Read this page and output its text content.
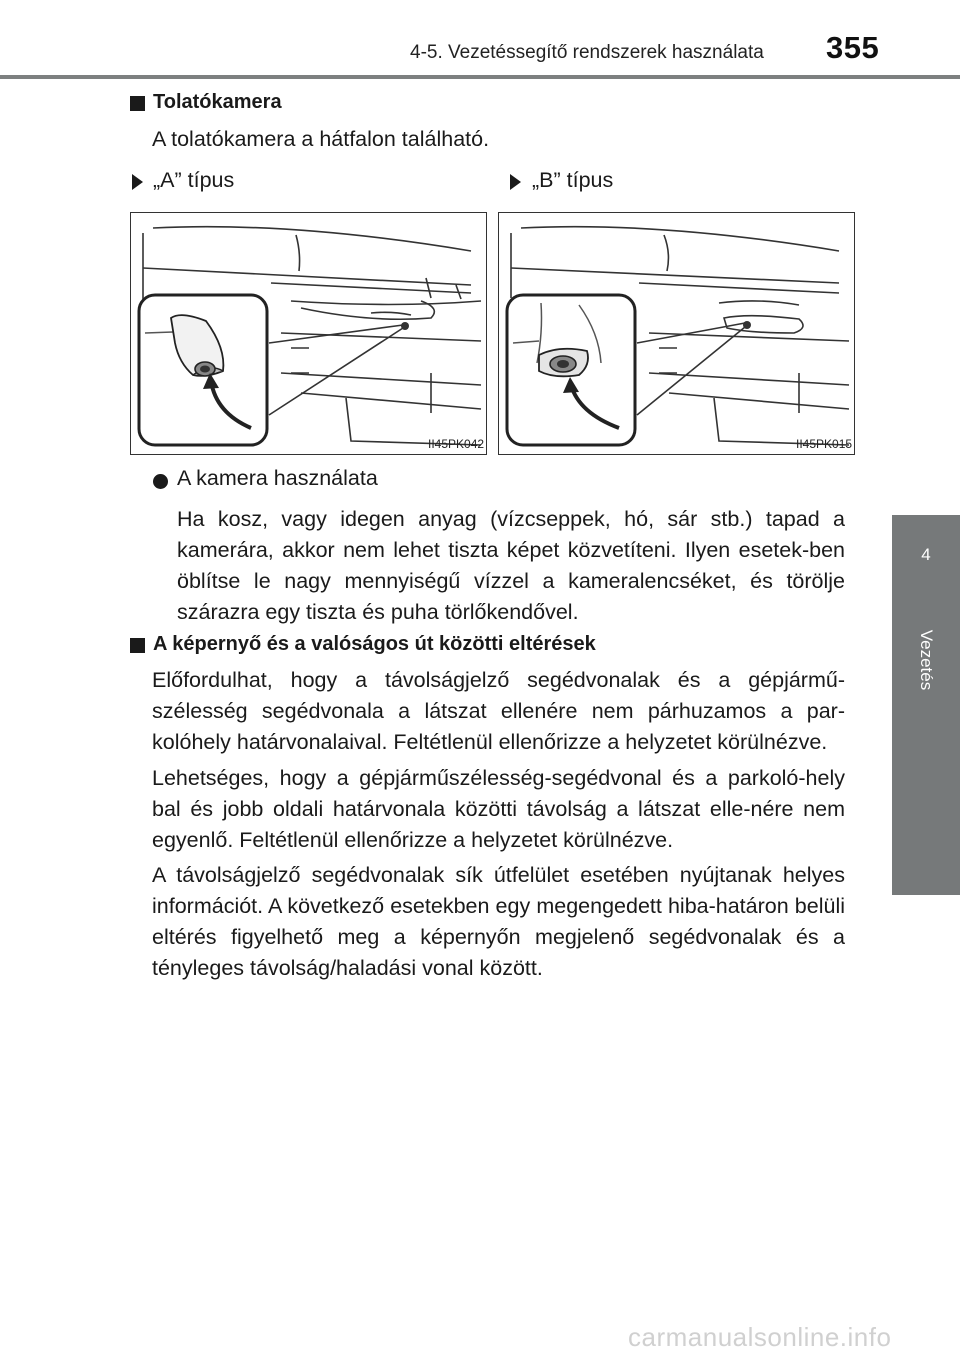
4-5. Vezetéssegítő rendszerek használata 355
4
Vezetés
Tolatókamera
A tolatókamera a hátfalon található.
„A” típus	„B” típus
II45PK042	II45PK015
A kamera használata
Ha kosz, vagy idegen anyag (vízcseppek, hó, sár stb.) tapad a kamerára, akkor nem lehet tiszta képet közvetíteni. Ilyen esetek-ben öblítse le nagy mennyiségű vízzel a kameralencséket, és törölje szárazra egy tiszta és puha törlőkendővel.
A képernyő és a valóságos út közötti eltérések
Előfordulhat, hogy a távolságjelző segédvonalak és a gépjármű-szélesség segédvonala a látszat ellenére nem párhuzamos a par-kolóhely határvonalaival. Feltétlenül ellenőrizze a helyzetet körülnézve.
Lehetséges, hogy a gépjárműszélesség-segédvonal és a parkoló-hely bal és jobb oldali határvonala közötti távolság a látszat elle-nére nem egyenlő. Feltétlenül ellenőrizze a helyzetet körülnézve.
A távolságjelző segédvonalak sík útfelület esetében nyújtanak helyes információt. A következő esetekben egy megengedett hiba-határon belüli eltérés figyelhető meg a képernyőn megjelenő segédvonalak és a tényleges távolság/haladási vonal között.
carmanualsonline.info
